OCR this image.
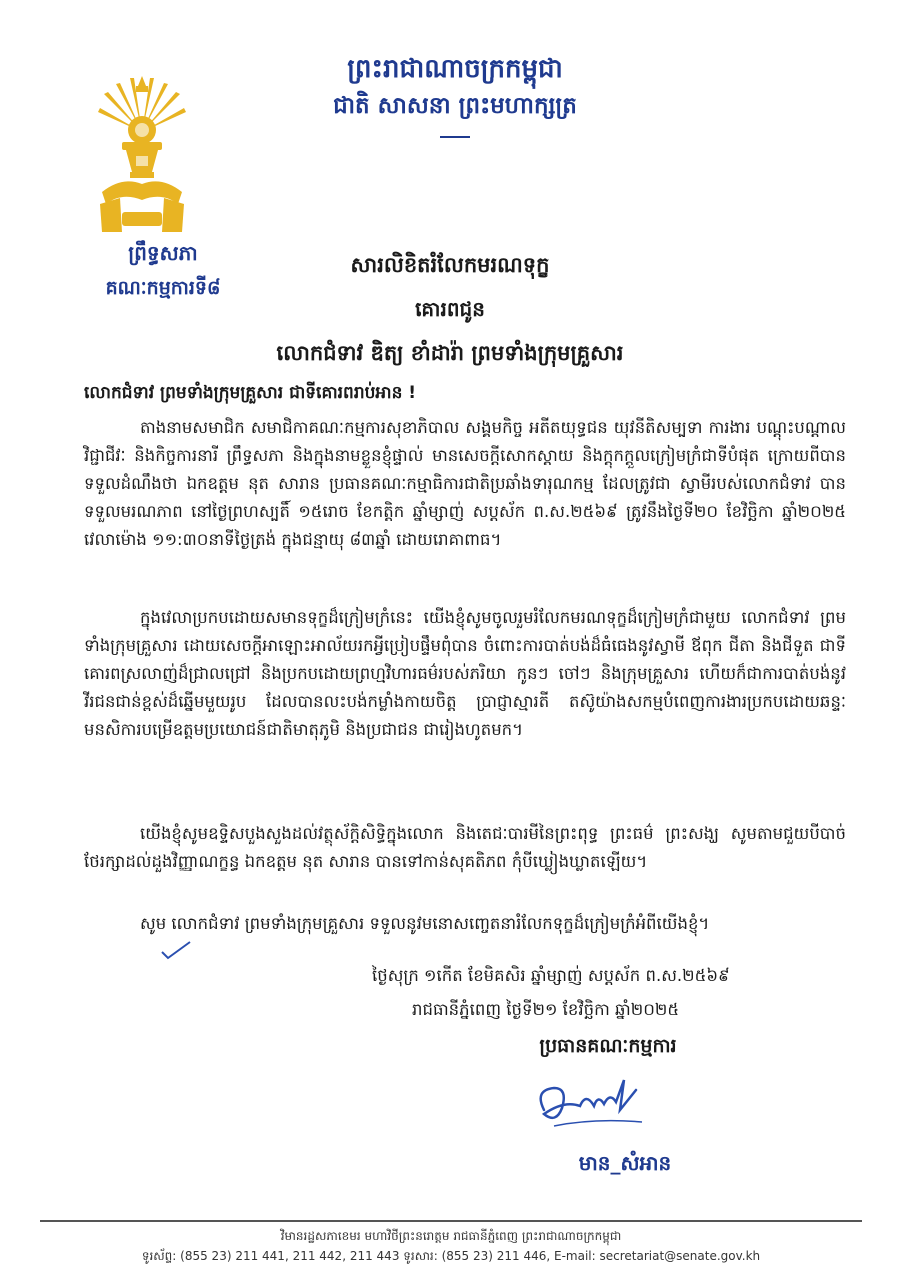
ព្រឹទ្ធសភា
គណៈកម្មការទី៨
ព្រះរាជាណាចក្រកម្ពុជា
ជាតិ សាសនា ព្រះមហាក្សត្រ
សារលិខិតរំលែកមរណទុក្ខ
គោរពជូន
លោកជំទាវ ឌិត្យ ខាំដារ៉ា ព្រមទាំងក្រុមគ្រួសារ
លោកជំទាវ ព្រមទាំងក្រុមគ្រួសារ ជាទីគោរពរាប់អាន !

តាងនាមសមាជិក សមាជិកាគណៈកម្មការសុខាភិបាល សង្គមកិច្ច អតីតយុទ្ធជន យុវនីតិសម្បទា ការងារ បណ្តុះបណ្តាលវិជ្ជាជីវៈ និងកិច្ចការនារី ព្រឹទ្ធសភា និងក្នុងនាមខ្លួនខ្ញុំផ្ទាល់ មានសេចក្តីសោកស្តាយ និងក្តុកក្តួលក្រៀមក្រំជាទីបំផុត ក្រោយពីបានទទួលដំណឹងថា ឯកឧត្តម នុត សារាន ប្រធានគណៈកម្មាធិការជាតិប្រឆាំងទារុណកម្ម ដែលត្រូវជា ស្វាមីរបស់លោកជំទាវ បានទទួលមរណភាព នៅថ្ងៃព្រហស្បតិ៍ ១៥រោច ខែកត្តិក ឆ្នាំម្សាញ់ សប្តស័ក ព.ស.២៥៦៩ ត្រូវនឹងថ្ងៃទី២០ ខែវិច្ឆិកា ឆ្នាំ២០២៥ វេលាម៉ោង ១១:៣០នាទីថ្ងៃត្រង់ ក្នុងជន្មាយុ ៨៣ឆ្នាំ ដោយរោគាពាធ។

ក្នុងវេលាប្រកបដោយសមានទុក្ខដ៏ក្រៀមក្រំនេះ យើងខ្ញុំសូមចូលរួមរំលែកមរណទុក្ខដ៏ក្រៀមក្រំជាមួយ លោកជំទាវ ព្រមទាំងក្រុមគ្រួសារ ដោយសេចក្តីអាឡោះអាល័យរកអ្វីប្រៀបផ្ទឹមពុំបាន ចំពោះការបាត់បង់ដ៏ធំធេងនូវស្វាមី ឪពុក ជីតា និងជីទួត ជាទីគោរពស្រលាញ់ដ៏ជ្រាលជ្រៅ និងប្រកបដោយព្រហ្មវិហារធម៌របស់ភរិយា កូនៗ ចៅៗ និងក្រុមគ្រួសារ ហើយក៏ជាការបាត់បង់នូវវីរជនជាន់ខ្ពស់ដ៏ឆ្នើមមួយរូប ដែលបានលះបង់កម្លាំងកាយចិត្ត ប្រាជ្ញាស្មារតី តស៊ូយ៉ាងសកម្មបំពេញការងារប្រកបដោយឆន្ទៈមនសិការបម្រើឧត្តមប្រយោជន៍ជាតិមាតុភូមិ និងប្រជាជន ជារៀងហូតមក។

យើងខ្ញុំសូមឧទ្ទិសបួងសួងដល់វត្ថុស័ក្តិសិទ្ធិក្នុងលោក និងតេជៈបារមីនៃព្រះពុទ្ធ ព្រះធម៌ ព្រះសង្ឃ សូមតាមជួយបីបាច់ថែរក្សាដល់ដួងវិញ្ញាណក្ខន្ធ ឯកឧត្តម នុត សារាន បានទៅកាន់សុគតិភព កុំបីឃ្លៀងឃ្លាតឡើយ។

សូម លោកជំទាវ ព្រមទាំងក្រុមគ្រួសារ ទទួលនូវមនោសញ្ចេតនារំលែកទុក្ខដ៏ក្រៀមក្រំអំពីយើងខ្ញុំ។

ថ្ងៃសុក្រ ១កើត ខែមិគសិរ ឆ្នាំម្សាញ់ សប្តស័ក ព.ស.២៥៦៩
រាជធានីភ្នំពេញ ថ្ងៃទី២១ ខែវិច្ឆិកា ឆ្នាំ២០២៥
ប្រធានគណៈកម្មការ
មាន_សំអាន
វិមានរដ្ឋសភាខេមរ មហាវិថីព្រះនរោត្តម រាជធានីភ្នំពេញ ព្រះរាជាណាចក្រកម្ពុជា
ទូរស័ព្ទ: (855 23) 211 441, 211 442, 211 443 ទូរសារ: (855 23) 211 446, E-mail: secretariat@senate.gov.kh
